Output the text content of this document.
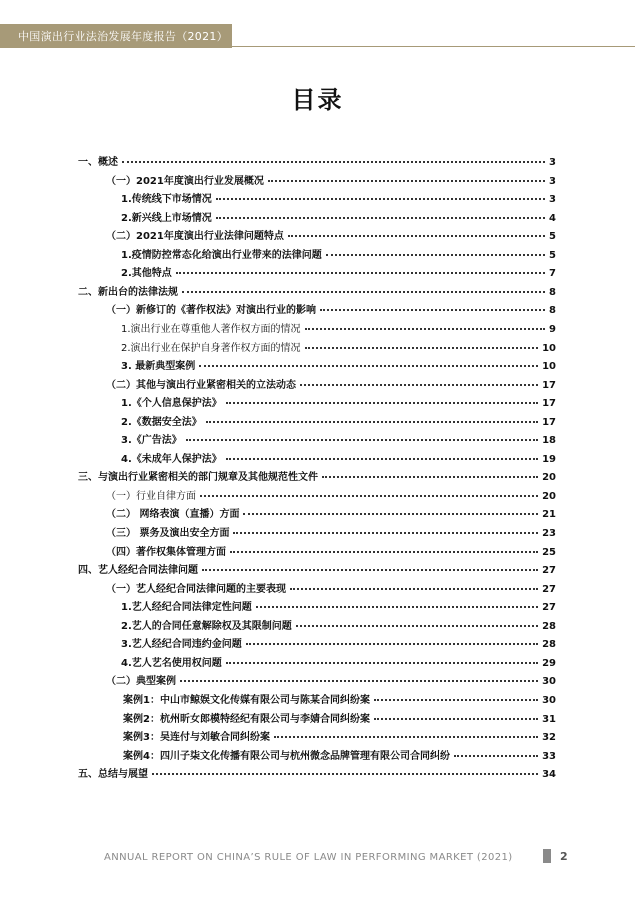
中国演出行业法治发展年度报告（2021）
目录
一、概述	3
（一）2021年度演出行业发展概况	3
1.传统线下市场情况	3
2.新兴线上市场情况	4
（二）2021年度演出行业法律问题特点	5
1.疫情防控常态化给演出行业带来的法律问题	5
2.其他特点	7
二、新出台的法律法规	8
（一）新修订的《著作权法》对演出行业的影响	8
1.演出行业在尊重他人著作权方面的情况	9
2.演出行业在保护自身著作权方面的情况	10
3. 最新典型案例	10
（二）其他与演出行业紧密相关的立法动态	17
1.《个人信息保护法》	17
2.《数据安全法》	17
3.《广告法》	18
4.《未成年人保护法》	19
三、与演出行业紧密相关的部门规章及其他规范性文件	20
（一）行业自律方面	20
（二） 网络表演（直播）方面	21
（三） 票务及演出安全方面	23
（四）著作权集体管理方面	25
四、艺人经纪合同法律问题	27
（一）艺人经纪合同法律问题的主要表现	27
1.艺人经纪合同法律定性问题	27
2.艺人的合同任意解除权及其限制问题	28
3.艺人经纪合同违约金问题	28
4.艺人艺名使用权问题	29
（二）典型案例	30
案例1：中山市鲸娱文化传媒有限公司与陈某合同纠纷案	30
案例2：杭州昕女郎模特经纪有限公司与李婧合同纠纷案	31
案例3：吴连付与刘敏合同纠纷案	32
案例4：四川子柒文化传播有限公司与杭州微念品牌管理有限公司合同纠纷	33
五、总结与展望	34
ANNUAL REPORT ON CHINA’S RULE OF LAW IN PERFORMING MARKET (2021)	2
